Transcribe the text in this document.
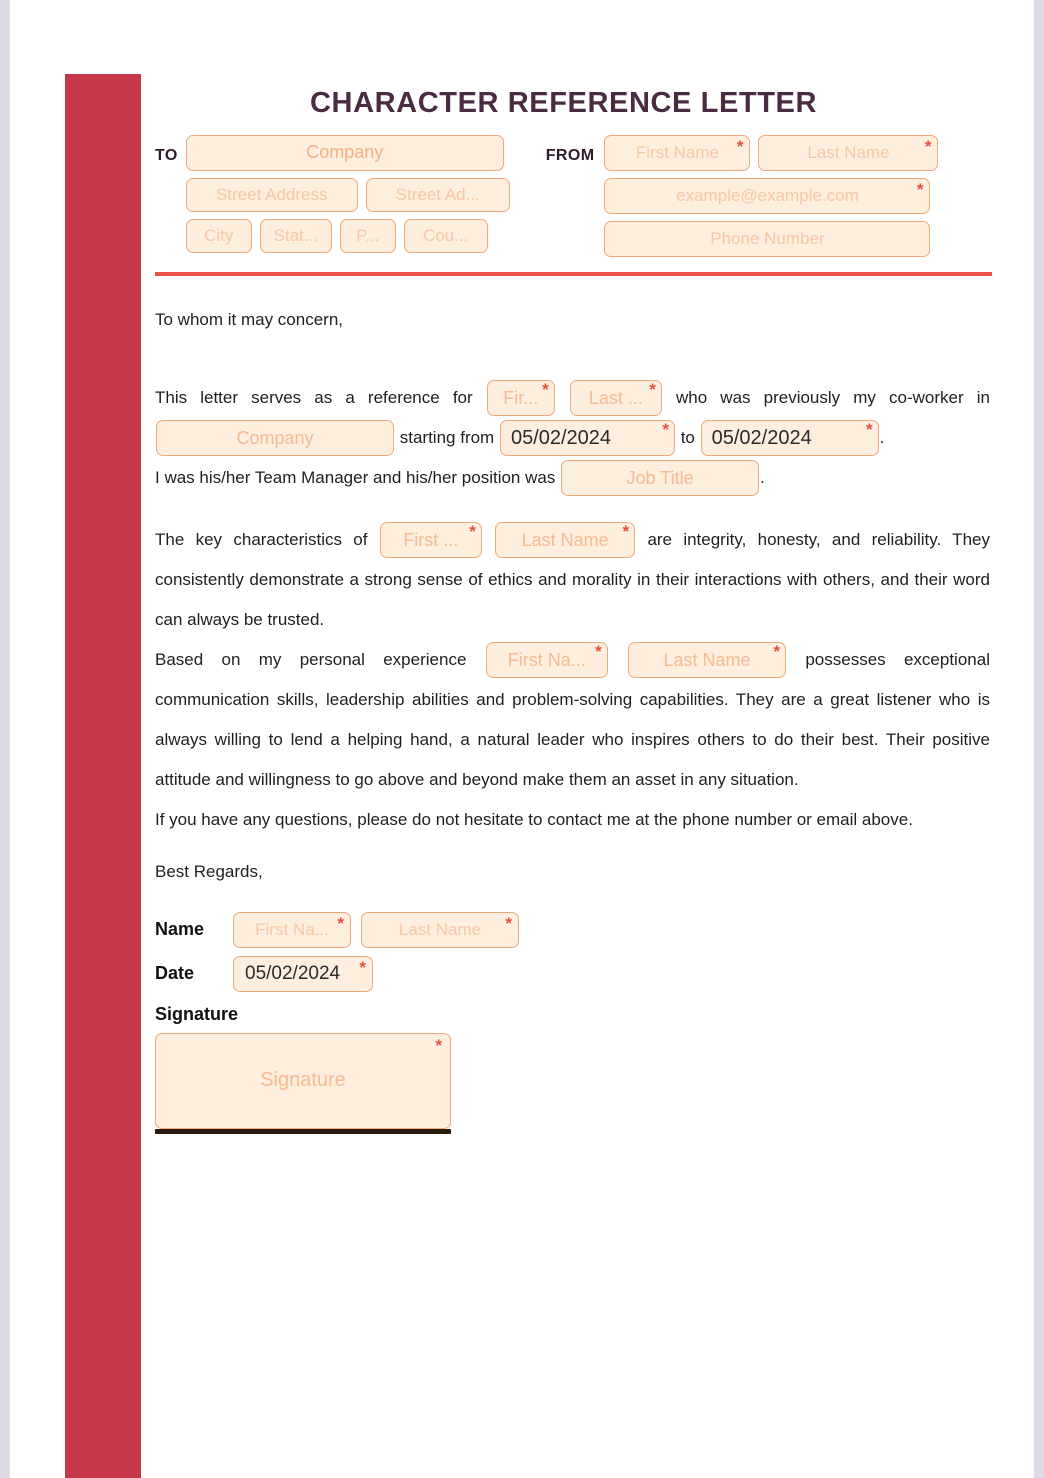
CHARACTER REFERENCE LETTER
TO	Company
Street Address	Street Ad...
City	Stat...	P...	Cou...
FROM First Name *	Last Name *
example@example.com	*
Phone Number
To whom it may concern,
This letter serves as a reference for Fir... *
Last ... * who was previously my co-worker in Company	starting from 05/02/2024	* to 05/02/2024	* .
I was his/her Team Manager and his/her position was	Job Title	.
The key characteristics of First ... *
	Last Name * are integrity, honesty, and reliability. They consistently demonstrate a strong sense of ethics and morality in their interactions with others, and their word can always be trusted.
Based on my personal experience First Na... *
	Last Name * possesses exceptional communication skills, leadership abilities and problem-solving capabilities. They are a great listener who is always willing to lend a helping hand, a natural leader who inspires others to do their best. Their positive attitude and willingness to go above and beyond make them an asset in any situation.
If you have any questions, please do not hesitate to contact me at the phone number or email above.
Best Regards,
Name	First Na... *	Last Name *
Date	05/02/2024 *
Signature
Signature
*
